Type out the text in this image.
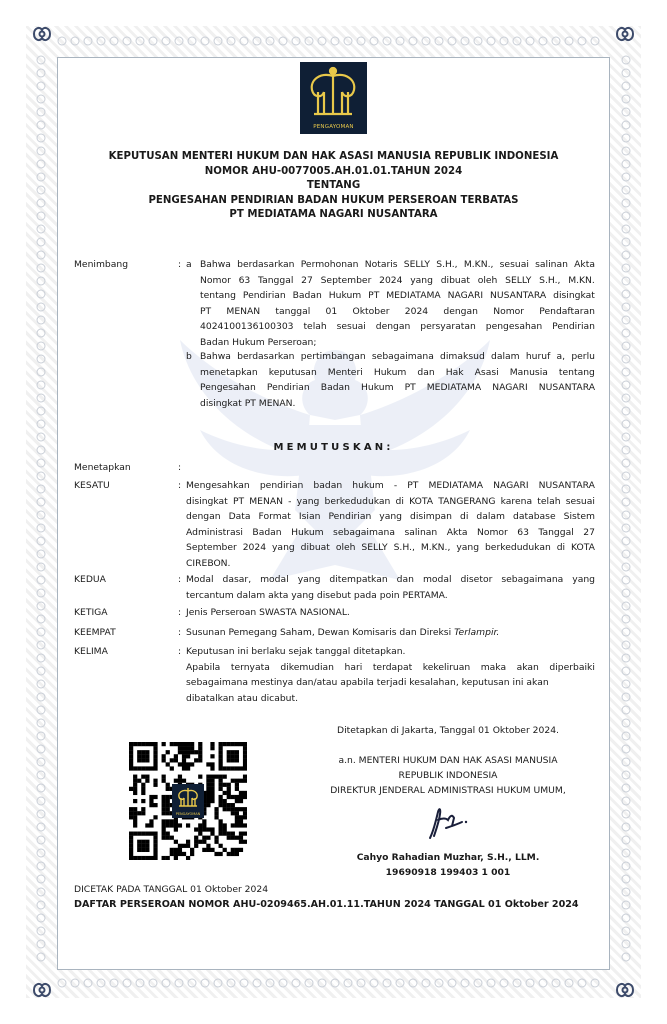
PENGAYOMAN
KEPUTUSAN MENTERI HUKUM DAN HAK ASASI MANUSIA REPUBLIK INDONESIA
NOMOR AHU-0077005.AH.01.01.TAHUN 2024
TENTANG
PENGESAHAN PENDIRIAN BADAN HUKUM PERSEROAN TERBATAS
PT MEDIATAMA NAGARI NUSANTARA
Menimbang	: a Bahwa berdasarkan Permohonan Notaris SELLY S.H., M.KN., sesuai salinan Akta
Nomor 63 Tanggal 27 September 2024 yang dibuat oleh SELLY S.H., M.KN.
tentang Pendirian Badan Hukum PT MEDIATAMA NAGARI NUSANTARA disingkat
PT MENAN tanggal 01 Oktober 2024 dengan Nomor Pendaftaran
4024100136100303 telah sesuai dengan persyaratan pengesahan Pendirian
Badan Hukum Perseroan;
b Bahwa berdasarkan pertimbangan sebagaimana dimaksud dalam huruf a, perlu
menetapkan keputusan Menteri Hukum dan Hak Asasi Manusia tentang
Pengesahan Pendirian Badan Hukum PT MEDIATAMA NAGARI NUSANTARA
disingkat PT MENAN.
MEMUTUSKAN:
Menetapkan	:
KESATU	: Mengesahkan pendirian badan hukum - PT MEDIATAMA NAGARI NUSANTARA
disingkat PT MENAN - yang berkedudukan di KOTA TANGERANG karena telah sesuai
dengan Data Format Isian Pendirian yang disimpan di dalam database Sistem
Administrasi Badan Hukum sebagaimana salinan Akta Nomor 63 Tanggal 27
September 2024 yang dibuat oleh SELLY S.H., M.KN., yang berkedudukan di KOTA
CIREBON.
KEDUA	: Modal dasar, modal yang ditempatkan dan modal disetor sebagaimana yang
tercantum dalam akta yang disebut pada poin PERTAMA.
KETIGA	: Jenis Perseroan SWASTA NASIONAL.
KEEMPAT	: Susunan Pemegang Saham, Dewan Komisaris dan Direksi Terlampir.
KELIMA	: Keputusan ini berlaku sejak tanggal ditetapkan.
Apabila ternyata dikemudian hari terdapat kekeliruan maka akan diperbaiki
sebagaimana mestinya dan/atau apabila terjadi kesalahan, keputusan ini akan
dibatalkan atau dicabut.
Ditetapkan di Jakarta, Tanggal 01 Oktober 2024.
a.n. MENTERI HUKUM DAN HAK ASASI MANUSIA
REPUBLIK INDONESIA
DIREKTUR JENDERAL ADMINISTRASI HUKUM UMUM,
Cahyo Rahadian Muzhar, S.H., LLM.
19690918 199403 1 001
PENGAYOMAN
DICETAK PADA TANGGAL 01 Oktober 2024
DAFTAR PERSEROAN NOMOR AHU-0209465.AH.01.11.TAHUN 2024 TANGGAL 01 Oktober 2024
